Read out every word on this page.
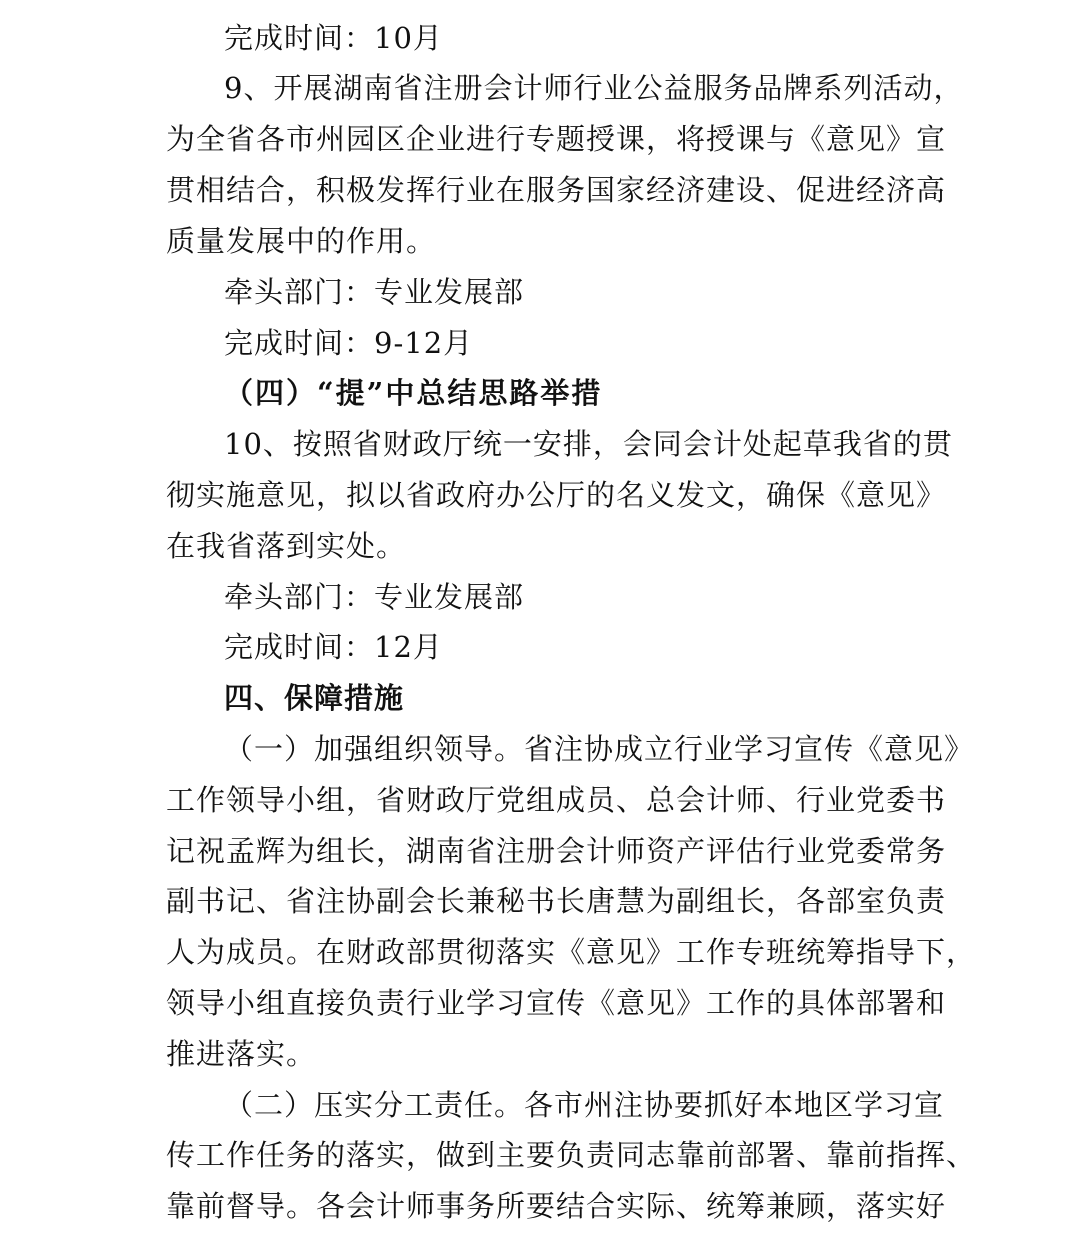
完成时间：10月
9、开展湖南省注册会计师行业公益服务品牌系列活动，
为全省各市州园区企业进行专题授课，将授课与《意见》宣
贯相结合，积极发挥行业在服务国家经济建设、促进经济高
质量发展中的作用。
牵头部门：专业发展部
完成时间：9-12月
（四）“提”中总结思路举措
10、按照省财政厅统一安排，会同会计处起草我省的贯
彻实施意见，拟以省政府办公厅的名义发文，确保《意见》
在我省落到实处。
牵头部门：专业发展部
完成时间：12月
四、保障措施
（一）加强组织领导。省注协成立行业学习宣传《意见》
工作领导小组，省财政厅党组成员、总会计师、行业党委书
记祝孟辉为组长，湖南省注册会计师资产评估行业党委常务
副书记、省注协副会长兼秘书长唐慧为副组长，各部室负责
人为成员。在财政部贯彻落实《意见》工作专班统筹指导下，
领导小组直接负责行业学习宣传《意见》工作的具体部署和
推进落实。
（二）压实分工责任。各市州注协要抓好本地区学习宣
传工作任务的落实，做到主要负责同志靠前部署、靠前指挥、
靠前督导。各会计师事务所要结合实际、统筹兼顾，落实好
